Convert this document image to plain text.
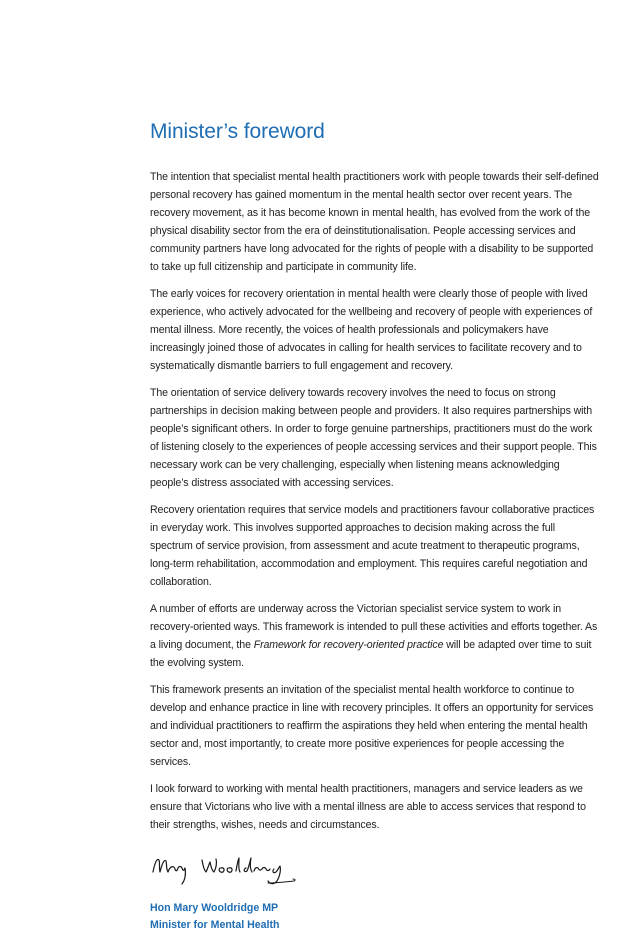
Minister’s foreword

The intention that specialist mental health practitioners work with people towards their self-defined personal recovery has gained momentum in the mental health sector over recent years. The recovery movement, as it has become known in mental health, has evolved from the work of the physical disability sector from the era of deinstitutionalisation. People accessing services and community partners have long advocated for the rights of people with a disability to be supported to take up full citizenship and participate in community life.

The early voices for recovery orientation in mental health were clearly those of people with lived experience, who actively advocated for the wellbeing and recovery of people with experiences of mental illness. More recently, the voices of health professionals and policymakers have increasingly joined those of advocates in calling for health services to facilitate recovery and to systematically dismantle barriers to full engagement and recovery.

The orientation of service delivery towards recovery involves the need to focus on strong partnerships in decision making between people and providers. It also requires partnerships with people’s significant others. In order to forge genuine partnerships, practitioners must do the work of listening closely to the experiences of people accessing services and their support people. This necessary work can be very challenging, especially when listening means acknowledging people’s distress associated with accessing services.

Recovery orientation requires that service models and practitioners favour collaborative practices in everyday work. This involves supported approaches to decision making across the full spectrum of service provision, from assessment and acute treatment to therapeutic programs, long-term rehabilitation, accommodation and employment. This requires careful negotiation and collaboration.

A number of efforts are underway across the Victorian specialist service system to work in recovery-oriented ways. This framework is intended to pull these activities and efforts together. As a living document, the Framework for recovery-oriented practice will be adapted over time to suit the evolving system.

This framework presents an invitation of the specialist mental health workforce to continue to develop and enhance practice in line with recovery principles. It offers an opportunity for services and individual practitioners to reaffirm the aspirations they held when entering the mental health sector and, most importantly, to create more positive experiences for people accessing the services.

I look forward to working with mental health practitioners, managers and service leaders as we ensure that Victorians who live with a mental illness are able to access services that respond to their strengths, wishes, needs and circumstances.

Hon Mary Wooldridge MP
Minister for Mental Health
